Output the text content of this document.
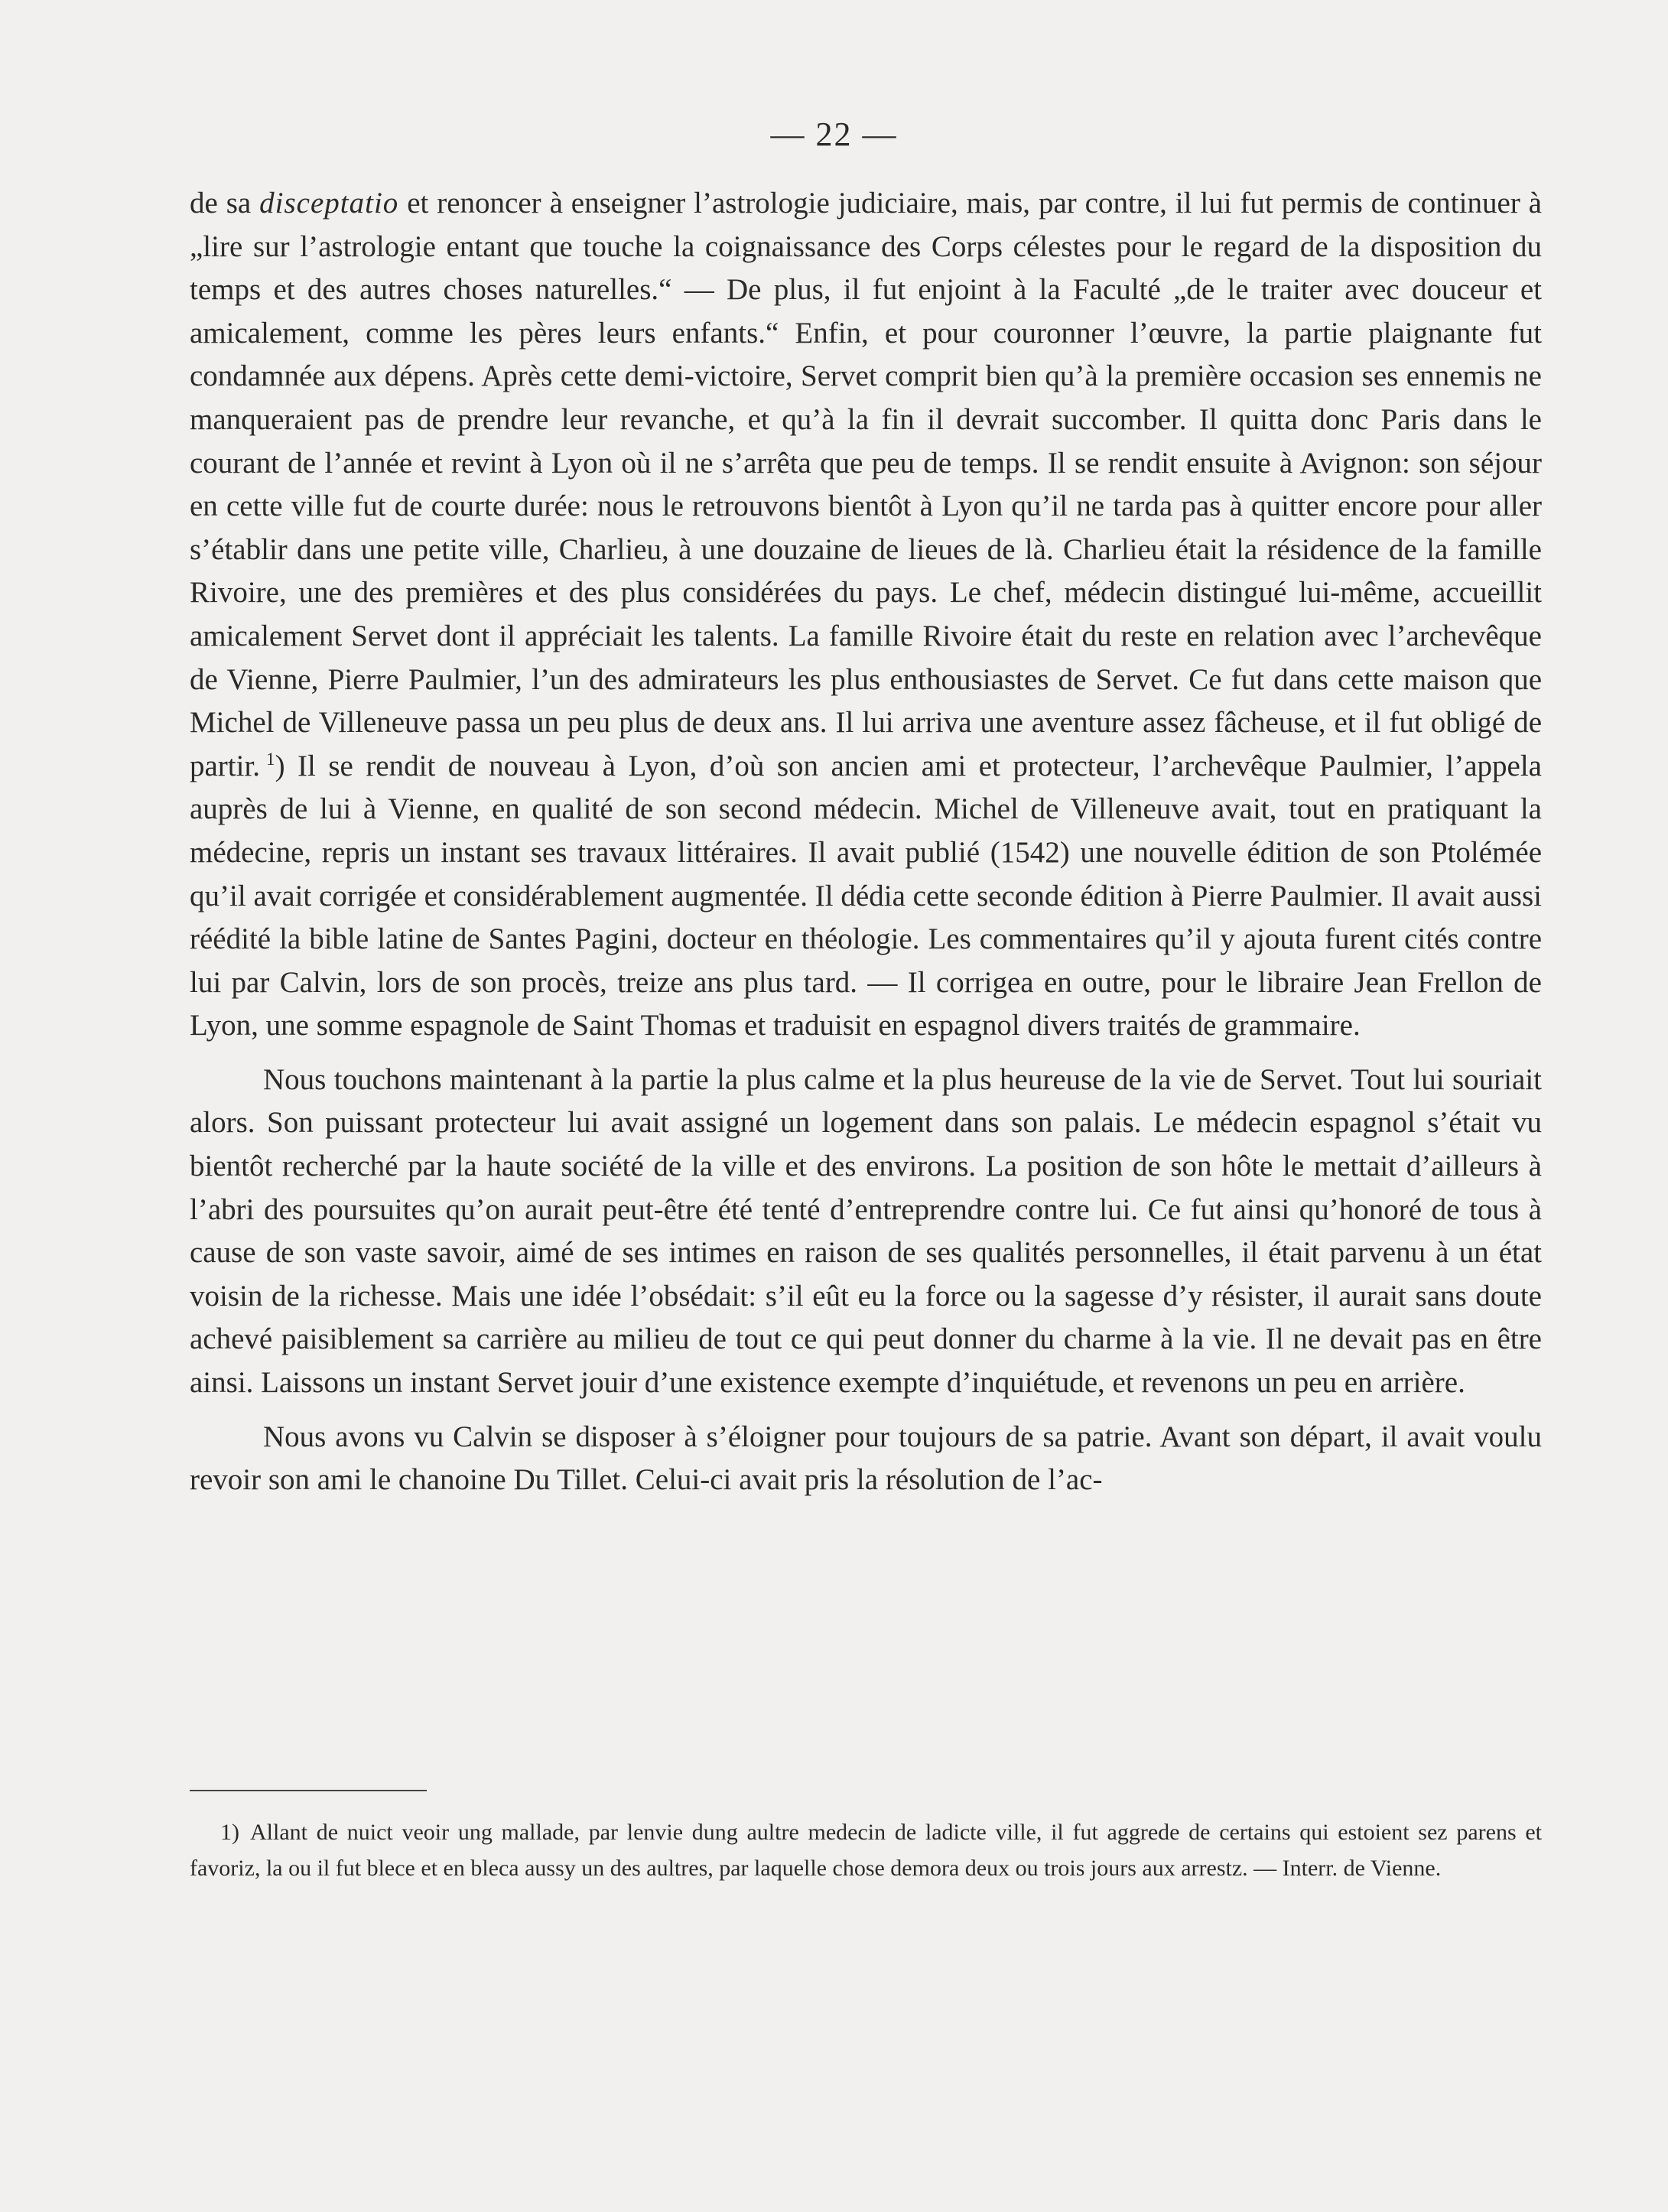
— 22 —

de sa disceptatio et renoncer à enseigner l’astrologie judiciaire, mais, par contre, il lui fut permis de continuer à „lire sur l’astrologie entant que touche la coignaissance des Corps célestes pour le regard de la disposition du temps et des autres choses naturelles.“ — De plus, il fut enjoint à la Faculté „de le traiter avec douceur et amicalement, comme les pères leurs enfants.“ Enfin, et pour couronner l’œuvre, la partie plaignante fut condamnée aux dépens. Après cette demi-victoire, Servet comprit bien qu’à la première occasion ses ennemis ne manqueraient pas de prendre leur revanche, et qu’à la fin il devrait succomber. Il quitta donc Paris dans le courant de l’année et revint à Lyon où il ne s’arrêta que peu de temps. Il se rendit ensuite à Avignon: son séjour en cette ville fut de courte durée: nous le retrouvons bientôt à Lyon qu’il ne tarda pas à quitter encore pour aller s’établir dans une petite ville, Charlieu, à une douzaine de lieues de là. Charlieu était la résidence de la famille Rivoire, une des premières et des plus considérées du pays. Le chef, médecin distingué lui-même, accueillit amicalement Servet dont il appréciait les talents. La famille Rivoire était du reste en relation avec l’archevêque de Vienne, Pierre Paulmier, l’un des admirateurs les plus enthousiastes de Servet. Ce fut dans cette maison que Michel de Villeneuve passa un peu plus de deux ans. Il lui arriva une aventure assez fâcheuse, et il fut obligé de partir.  $^1$) Il se rendit de nouveau à Lyon, d’où son ancien ami et protecteur, l’archevêque Paulmier, l’appela auprès de lui à Vienne, en qualité de son second médecin. Michel de Villeneuve avait, tout en pratiquant la médecine, repris un instant ses travaux littéraires. Il avait publié (1542) une nouvelle édition de son Ptolémée qu’il avait corrigée et considérablement augmentée. Il dédia cette seconde édition à Pierre Paulmier. Il avait aussi réédité la bible latine de Santes Pagini, docteur en théologie. Les commentaires qu’il y ajouta furent cités contre lui par Calvin, lors de son procès, treize ans plus tard. — Il corrigea en outre, pour le libraire Jean Frellon de Lyon, une somme espagnole de Saint Thomas et traduisit en espagnol divers traités de grammaire.

Nous touchons maintenant à la partie la plus calme et la plus heureuse de la vie de Servet. Tout lui souriait alors. Son puissant protecteur lui avait assigné un logement dans son palais. Le médecin espagnol s’était vu bientôt recherché par la haute société de la ville et des environs. La position de son hôte le mettait d’ailleurs à l’abri des poursuites qu’on aurait peut-être été tenté d’entreprendre contre lui. Ce fut ainsi qu’honoré de tous à cause de son vaste savoir, aimé de ses intimes en raison de ses qualités personnelles, il était parvenu à un état voisin de la richesse. Mais une idée l’obsédait: s’il eût eu la force ou la sagesse d’y résister, il aurait sans doute achevé paisiblement sa carrière au milieu de tout ce qui peut donner du charme à la vie. Il ne devait pas en être ainsi. Laissons un instant Servet jouir d’une existence exempte d’inquiétude, et revenons un peu en arrière.

Nous avons vu Calvin se disposer à s’éloigner pour toujours de sa patrie. Avant son départ, il avait voulu revoir son ami le chanoine Du Tillet. Celui-ci avait pris la résolution de l’ac-

1) Allant de nuict veoir ung mallade, par lenvie dung aultre medecin de ladicte ville, il fut aggrede de certains qui estoient sez parens et favoriz, la ou il fut blece et en bleca aussy un des aultres, par laquelle chose demora deux ou trois jours aux arrestz. — Interr. de Vienne.
